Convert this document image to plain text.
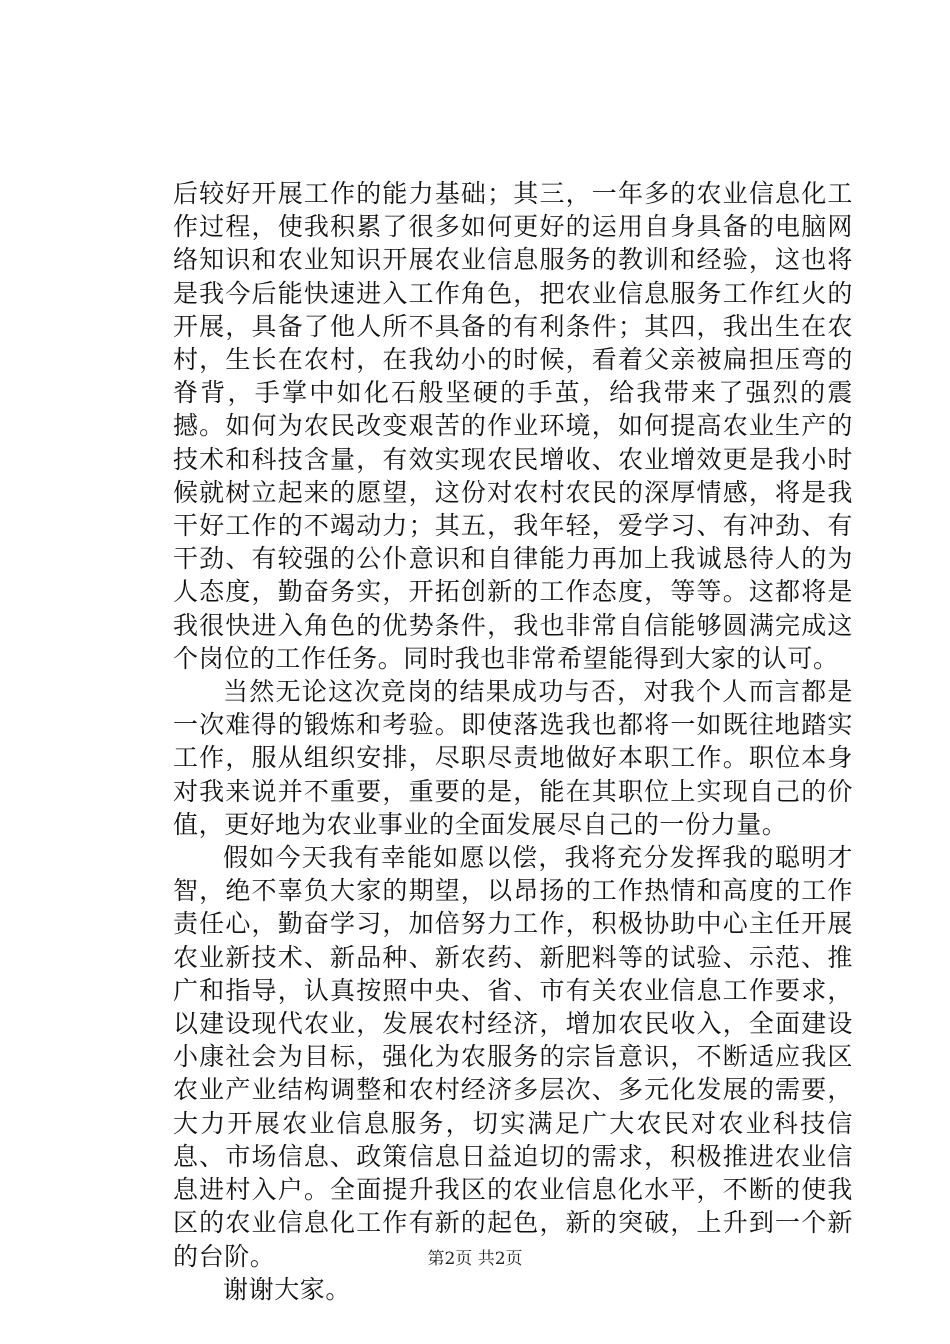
后较好开展工作的能力基础；其三，一年多的农业信息化工作过程，使我积累了很多如何更好的运用自身具备的电脑网络知识和农业知识开展农业信息服务的教训和经验，这也将是我今后能快速进入工作角色，把农业信息服务工作红火的开展，具备了他人所不具备的有利条件；其四，我出生在农村，生长在农村，在我幼小的时候，看着父亲被扁担压弯的脊背，手掌中如化石般坚硬的手茧，给我带来了强烈的震撼。如何为农民改变艰苦的作业环境，如何提高农业生产的技术和科技含量，有效实现农民增收、农业增效更是我小时候就树立起来的愿望，这份对农村农民的深厚情感，将是我干好工作的不竭动力；其五，我年轻，爱学习、有冲劲、有干劲、有较强的公仆意识和自律能力再加上我诚恳待人的为人态度，勤奋务实，开拓创新的工作态度，等等。这都将是我很快进入角色的优势条件，我也非常自信能够圆满完成这个岗位的工作任务。同时我也非常希望能得到大家的认可。

当然无论这次竞岗的结果成功与否，对我个人而言都是一次难得的锻炼和考验。即使落选我也都将一如既往地踏实工作，服从组织安排，尽职尽责地做好本职工作。职位本身对我来说并不重要，重要的是，能在其职位上实现自己的价值，更好地为农业事业的全面发展尽自己的一份力量。

假如今天我有幸能如愿以偿，我将充分发挥我的聪明才智，绝不辜负大家的期望，以昂扬的工作热情和高度的工作责任心，勤奋学习，加倍努力工作，积极协助中心主任开展农业新技术、新品种、新农药、新肥料等的试验、示范、推广和指导，认真按照中央、省、市有关农业信息工作要求，以建设现代农业，发展农村经济，增加农民收入，全面建设小康社会为目标，强化为农服务的宗旨意识，不断适应我区农业产业结构调整和农村经济多层次、多元化发展的需要，大力开展农业信息服务，切实满足广大农民对农业科技信息、市场信息、政策信息日益迫切的需求，积极推进农业信息进村入户。全面提升我区的农业信息化水平，不断的使我区的农业信息化工作有新的起色，新的突破，上升到一个新的台阶。

谢谢大家。

第2页 共2页
